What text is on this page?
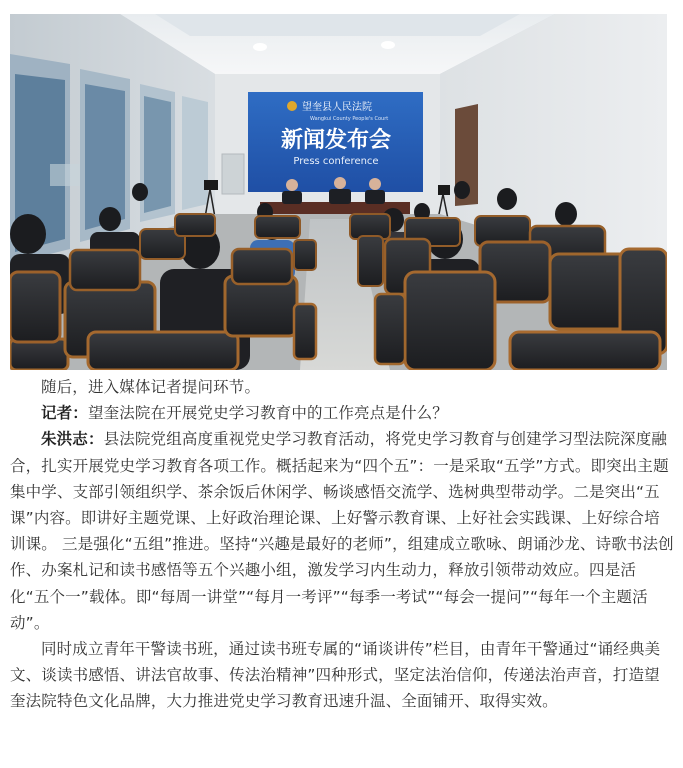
望奎县人民法院
Wangkui County People's Court
新闻发布会
Press conference

随后，进入媒体记者提问环节。

记者：望奎法院在开展党史学习教育中的工作亮点是什么？

朱洪志：县法院党组高度重视党史学习教育活动，将党史学习教育与创建学习型法院深度融合，扎实开展党史学习教育各项工作。概括起来为“四个五”：一是采取“五学”方式。即突出主题集中学、支部引领组织学、茶余饭后休闲学、畅谈感悟交流学、选树典型带动学。二是突出“五课”内容。即讲好主题党课、上好政治理论课、上好警示教育课、上好社会实践课、上好综合培训课。 三是强化“五组”推进。坚持“兴趣是最好的老师”，组建成立歌咏、朗诵沙龙、诗歌书法创作、办案札记和读书感悟等五个兴趣小组，激发学习内生动力，释放引领带动效应。四是活化“五个一”载体。即“每周一讲堂”“每月一考评”“每季一考试”“每会一提问”“每年一个主题活动”。

同时成立青年干警读书班，通过读书班专属的“诵谈讲传”栏目，由青年干警通过“诵经典美文、谈读书感悟、讲法官故事、传法治精神”四种形式，坚定法治信仰，传递法治声音，打造望奎法院特色文化品牌，大力推进党史学习教育迅速升温、全面铺开、取得实效。
